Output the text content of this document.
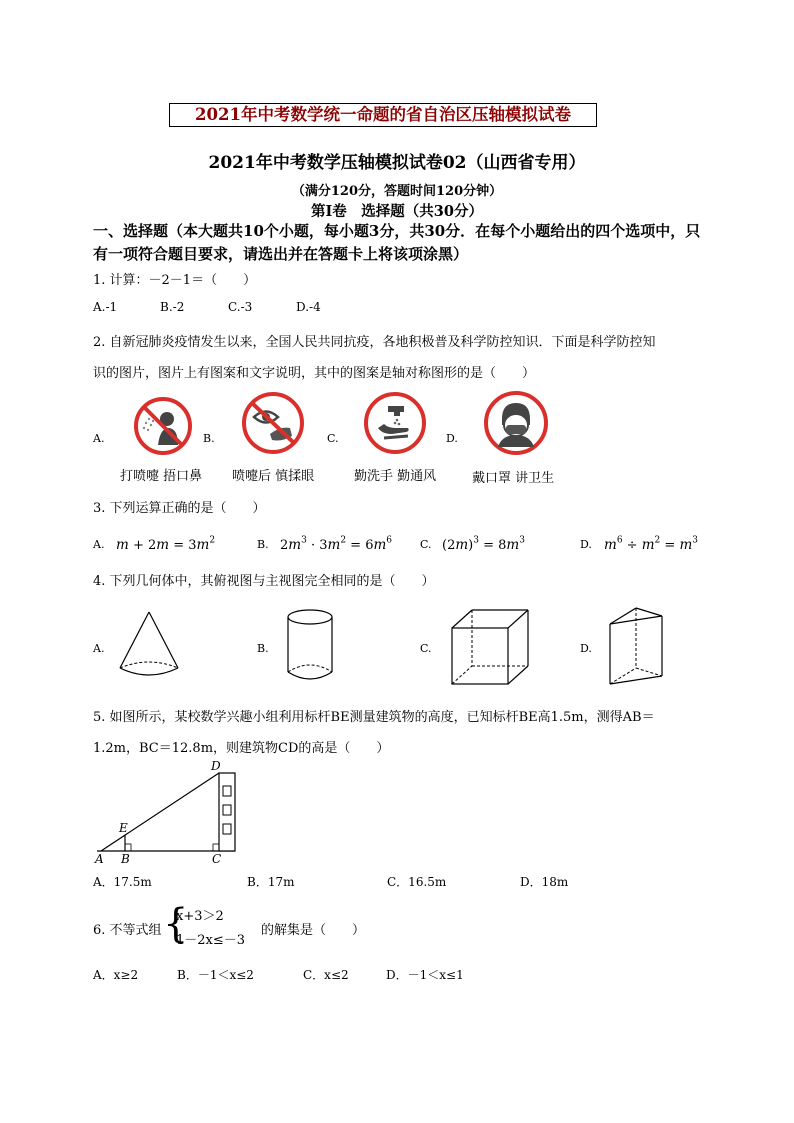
2021年中考数学统一命题的省自治区压轴模拟试卷
2021年中考数学压轴模拟试卷02（山西省专用）
（满分120分，答题时间120分钟）
第Ⅰ卷　选择题（共30分）
一、选择题（本大题共10个小题，每小题3分，共30分．在每个小题给出的四个选项中，只有一项符合题目要求，请选出并在答题卡上将该项涂黑）
1. 计算：－2－1＝（　　）
A.-1	B.-2	C.-3	D.-4
2. 自新冠肺炎疫情发生以来，全国人民共同抗疫，各地积极普及科学防控知识．下面是科学防控知
识的图片，图片上有图案和文字说明，其中的图案是轴对称图形的是（　　）
A.	B.	C.	D.
打喷嚏 捂口鼻 喷嚏后 慎揉眼	勤洗手 勤通风	戴口罩 讲卫生
3. 下列运算正确的是（　　）
A. $m + 2m = 3m^2$	B. $2m^3 \cdot 3m^2 = 6m^6$	C. $(2m)^3 = 8m^3$	D. $m^6 \div m^2 = m^3$
4. 下列几何体中，其俯视图与主视图完全相同的是（　　）
A.	B.	C.	D.
5. 如图所示，某校数学兴趣小组利用标杆BE测量建筑物的高度，已知标杆BE高1.5m，测得AB＝
1.2m，BC＝12.8m，则建筑物CD的高是（　　）
A B	C
D
E
A．17.5m	B．17m	C．16.5m	D．18m
6. 不等式组 {
x+3＞2
1－2x≤－3
的解集是（　　）
A．x≥2	B．－1＜x≤2	C．x≤2	D．－1＜x≤1
